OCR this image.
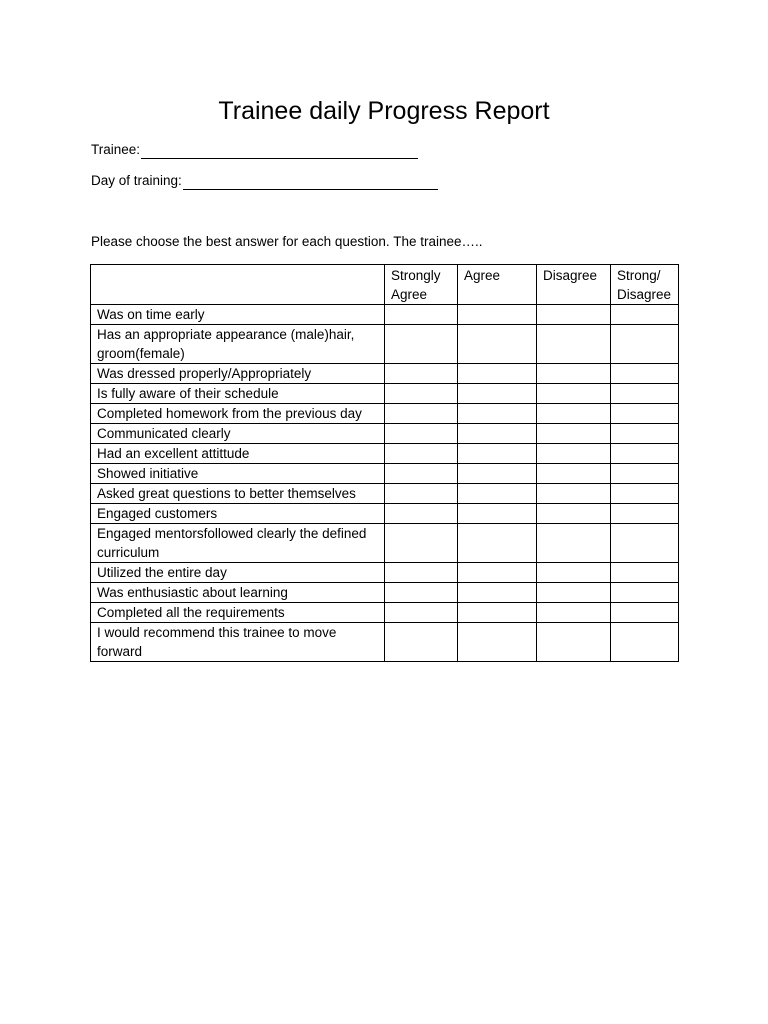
Trainee daily Progress Report
Trainee:
Day of training:
Please choose the best answer for each question. The trainee…..
	Strongly Agree	Agree	Disagree	Strong/ Disagree
Was on time early				
Has an appropriate appearance (male)hair, groom(female)				
Was dressed properly/Appropriately				
Is fully aware of their schedule				
Completed homework from the previous day				
Communicated clearly				
Had an excellent attittude				
Showed initiative				
Asked great questions to better themselves				
Engaged customers				
Engaged mentorsfollowed clearly the defined curriculum				
Utilized the entire day				
Was enthusiastic about learning				
Completed all the requirements				
I would recommend this trainee to move forward				
